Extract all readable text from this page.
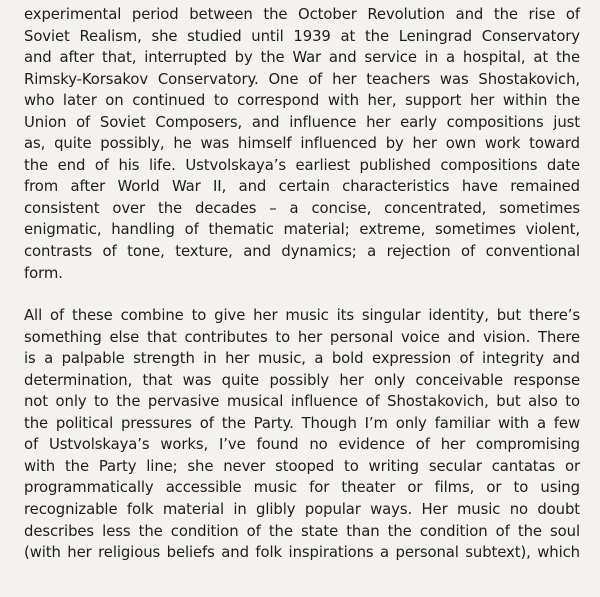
experimental period between the October Revolution and the rise of
Soviet Realism, she studied until 1939 at the Leningrad Conservatory
and after that, interrupted by the War and service in a hospital, at the
Rimsky-Korsakov Conservatory. One of her teachers was Shostakovich,
who later on continued to correspond with her, support her within the
Union of Soviet Composers, and influence her early compositions just
as, quite possibly, he was himself influenced by her own work toward
the end of his life. Ustvolskaya’s earliest published compositions date
from after World War II, and certain characteristics have remained
consistent over the decades – a concise, concentrated, sometimes
enigmatic, handling of thematic material; extreme, sometimes violent,
contrasts of tone, texture, and dynamics; a rejection of conventional
form.

All of these combine to give her music its singular identity, but there’s
something else that contributes to her personal voice and vision. There
is a palpable strength in her music, a bold expression of integrity and
determination, that was quite possibly her only conceivable response
not only to the pervasive musical influence of Shostakovich, but also to
the political pressures of the Party. Though I’m only familiar with a few
of Ustvolskaya’s works, I’ve found no evidence of her compromising
with the Party line; she never stooped to writing secular cantatas or
programmatically accessible music for theater or films, or to using
recognizable folk material in glibly popular ways. Her music no doubt
describes less the condition of the state than the condition of the soul
(with her religious beliefs and folk inspirations a personal subtext), which
